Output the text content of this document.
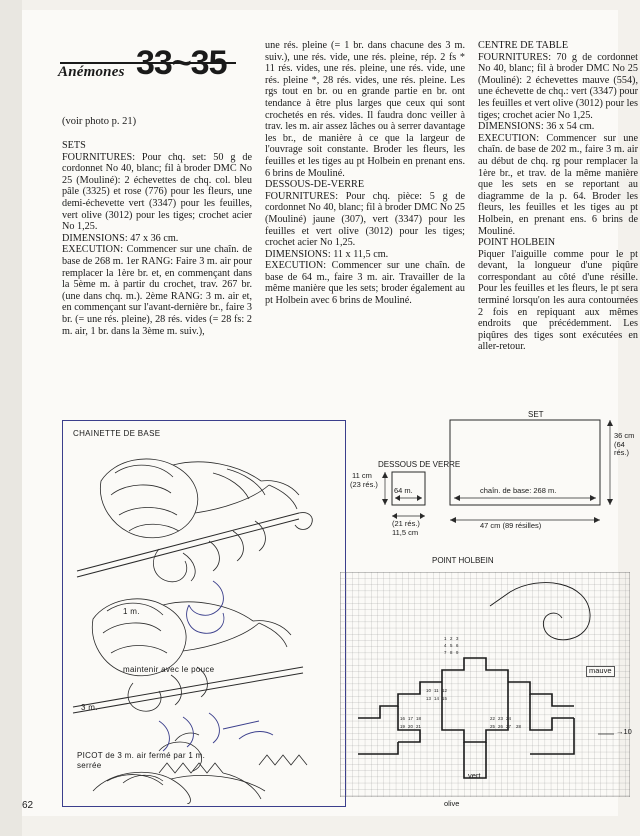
Anémones 33~35
(voir photo p. 21)

SETS

FOURNITURES: Pour chq. set: 50 g de cordonnet No 40, blanc; fil à broder DMC No 25 (Mouliné): 2 échevettes de chq. col. bleu pâle (3325) et rose (776) pour les fleurs, une demi-échevette vert (3347) pour les feuilles, vert olive (3012) pour les tiges; crochet acier No 1,25.

DIMENSIONS: 47 x 36 cm.

EXECUTION: Commencer sur une chaîn. de base de 268 m. 1er RANG: Faire 3 m. air pour remplacer la 1ère br. et, en commençant dans la 5ème m. à partir du crochet, trav. 267 br. (une dans chq. m.). 2ème RANG: 3 m. air et, en commençant sur l'avant-dernière br., faire 3 br. (= une rés. pleine), 28 rés. vides (= 28 fs: 2 m. air, 1 br. dans la 3ème m. suiv.),

une rés. pleine (= 1 br. dans chacune des 3 m. suiv.), une rés. vide, une rés. pleine, rép. 2 fs * 11 rés. vides, une rés. pleine, une rés. vide, une rés. pleine *, 28 rés. vides, une rés. pleine. Les rgs tout en br. ou en grande partie en br. ont tendance à être plus larges que ceux qui sont crochetés en rés. vides. Il faudra donc veiller à trav. les m. air assez lâches ou à serrer davantage les br., de manière à ce que la largeur de l'ouvrage soit constante. Broder les fleurs, les feuilles et les tiges au pt Holbein en prenant ens. 6 brins de Mouliné.

DESSOUS-DE-VERRE

FOURNITURES: Pour chq. pièce: 5 g de cordonnet No 40, blanc; fil à broder DMC No 25 (Mouliné) jaune (307), vert (3347) pour les feuilles et vert olive (3012) pour les tiges; crochet acier No 1,25.

DIMENSIONS: 11 x 11,5 cm.

EXECUTION: Commencer sur une chaîn. de base de 64 m., faire 3 m. air. Travailler de la même manière que les sets; broder également au pt Holbein avec 6 brins de Mouliné.

CENTRE DE TABLE

FOURNITURES: 70 g de cordonnet No 40, blanc; fil à broder DMC No 25 (Mouliné): 2 échevettes mauve (554), une échevette de chq.: vert (3347) pour les feuilles et vert olive (3012) pour les tiges; crochet acier No 1,25.

DIMENSIONS: 36 x 54 cm.

EXECUTION: Commencer sur une chaîn. de base de 202 m., faire 3 m. air au début de chq. rg pour remplacer la 1ère br., et trav. de la même manière que les sets en se reportant au diagramme de la p. 64. Broder les fleurs, les feuilles et les tiges au pt Holbein, en prenant ens. 6 brins de Mouliné.

POINT HOLBEIN

Piquer l'aiguille comme pour le pt devant, la longueur d'une piqûre correspondant au côté d'une résille. Pour les feuilles et les fleurs, le pt sera terminé lorsqu'on les aura contournées 2 fois en repiquant aux mêmes endroits que précédemment. Les piqûres des tiges sont exécutées en aller-retour.

CHAINETTE DE BASE
maintenir avec le pouce
PICOT de 3 m. air fermé par 1 m. serrée
1 m.
3 m.
SET
DESSOUS DE VERRE
36 cm (64 rés.)
47 cm (89 résilles)
chaîn. de base: 268 m.
11 cm
(23 rés.)
64 m.
(21 rés.)
11,5 cm
POINT HOLBEIN
1 2 3
4 5 6
7 8 9
10 11 12
13 14 15
16 17 18
19 20 21
22 23 24
25 26 27 28
mauve
vert
olive
→10
62
